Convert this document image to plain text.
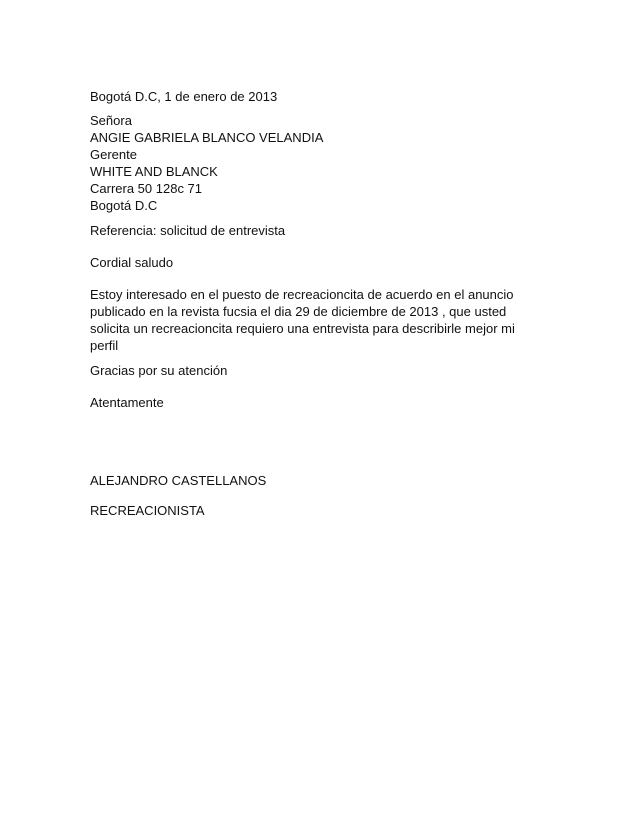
Bogotá D.C, 1 de enero de 2013
Señora
ANGIE GABRIELA BLANCO VELANDIA
Gerente
WHITE AND BLANCK
Carrera 50 128c 71
Bogotá D.C
Referencia: solicitud de entrevista
Cordial saludo
Estoy interesado en el puesto de recreacioncita de acuerdo en el anuncio
publicado en la revista fucsia el dia 29 de diciembre de 2013 , que usted
solicita un recreacioncita requiero una entrevista para describirle mejor mi
perfil
Gracias por su atención
Atentamente
ALEJANDRO CASTELLANOS
RECREACIONISTA
